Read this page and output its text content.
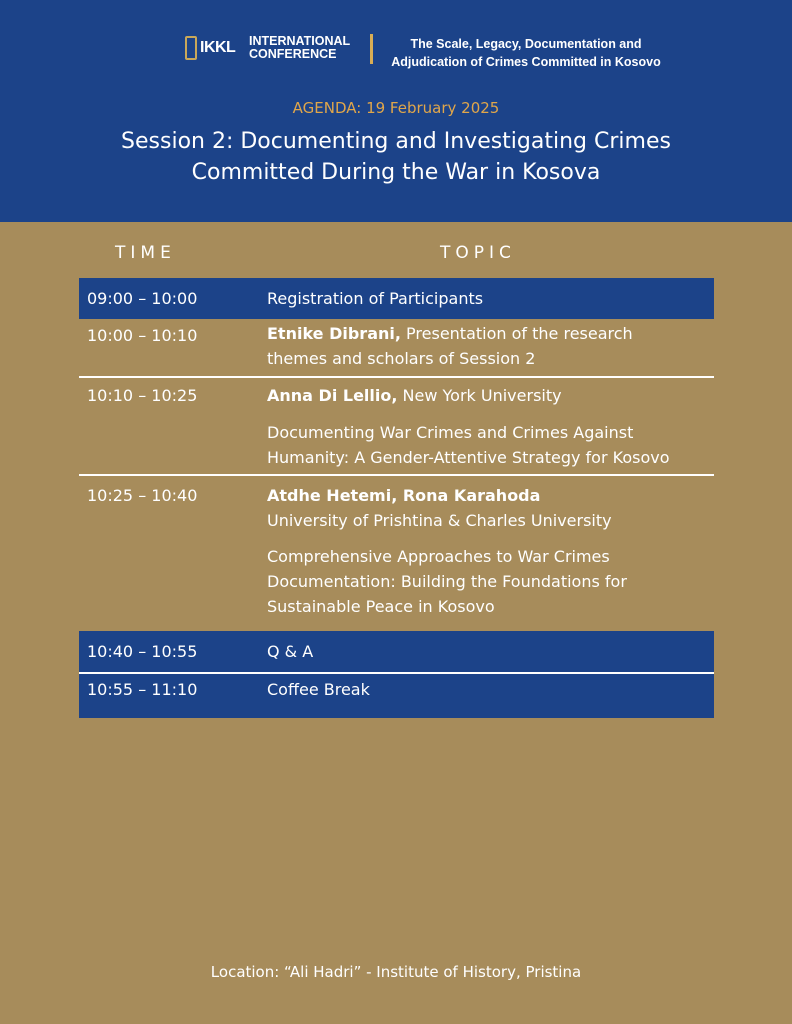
IKKL INTERNATIONAL
CONFERENCE
The Scale, Legacy, Documentation and
Adjudication of Crimes Committed in Kosovo
AGENDA: 19 February 2025
Session 2: Documenting and Investigating Crimes
Committed During the War in Kosova
TIME	TOPIC
09:00 – 10:00	Registration of Participants
10:00 – 10:10	Etnike Dibrani, Presentation of the research
themes and scholars of Session 2
10:10 – 10:25	Anna Di Lellio, New York University
Documenting War Crimes and Crimes Against
Humanity: A Gender-Attentive Strategy for Kosovo
10:25 – 10:40	Atdhe Hetemi, Rona Karahoda
University of Prishtina & Charles University
Comprehensive Approaches to War Crimes
Documentation: Building the Foundations for
Sustainable Peace in Kosovo
10:40 – 10:55	Q & A
10:55 – 11:10	Coffee Break
Location: “Ali Hadri” - Institute of History, Pristina
